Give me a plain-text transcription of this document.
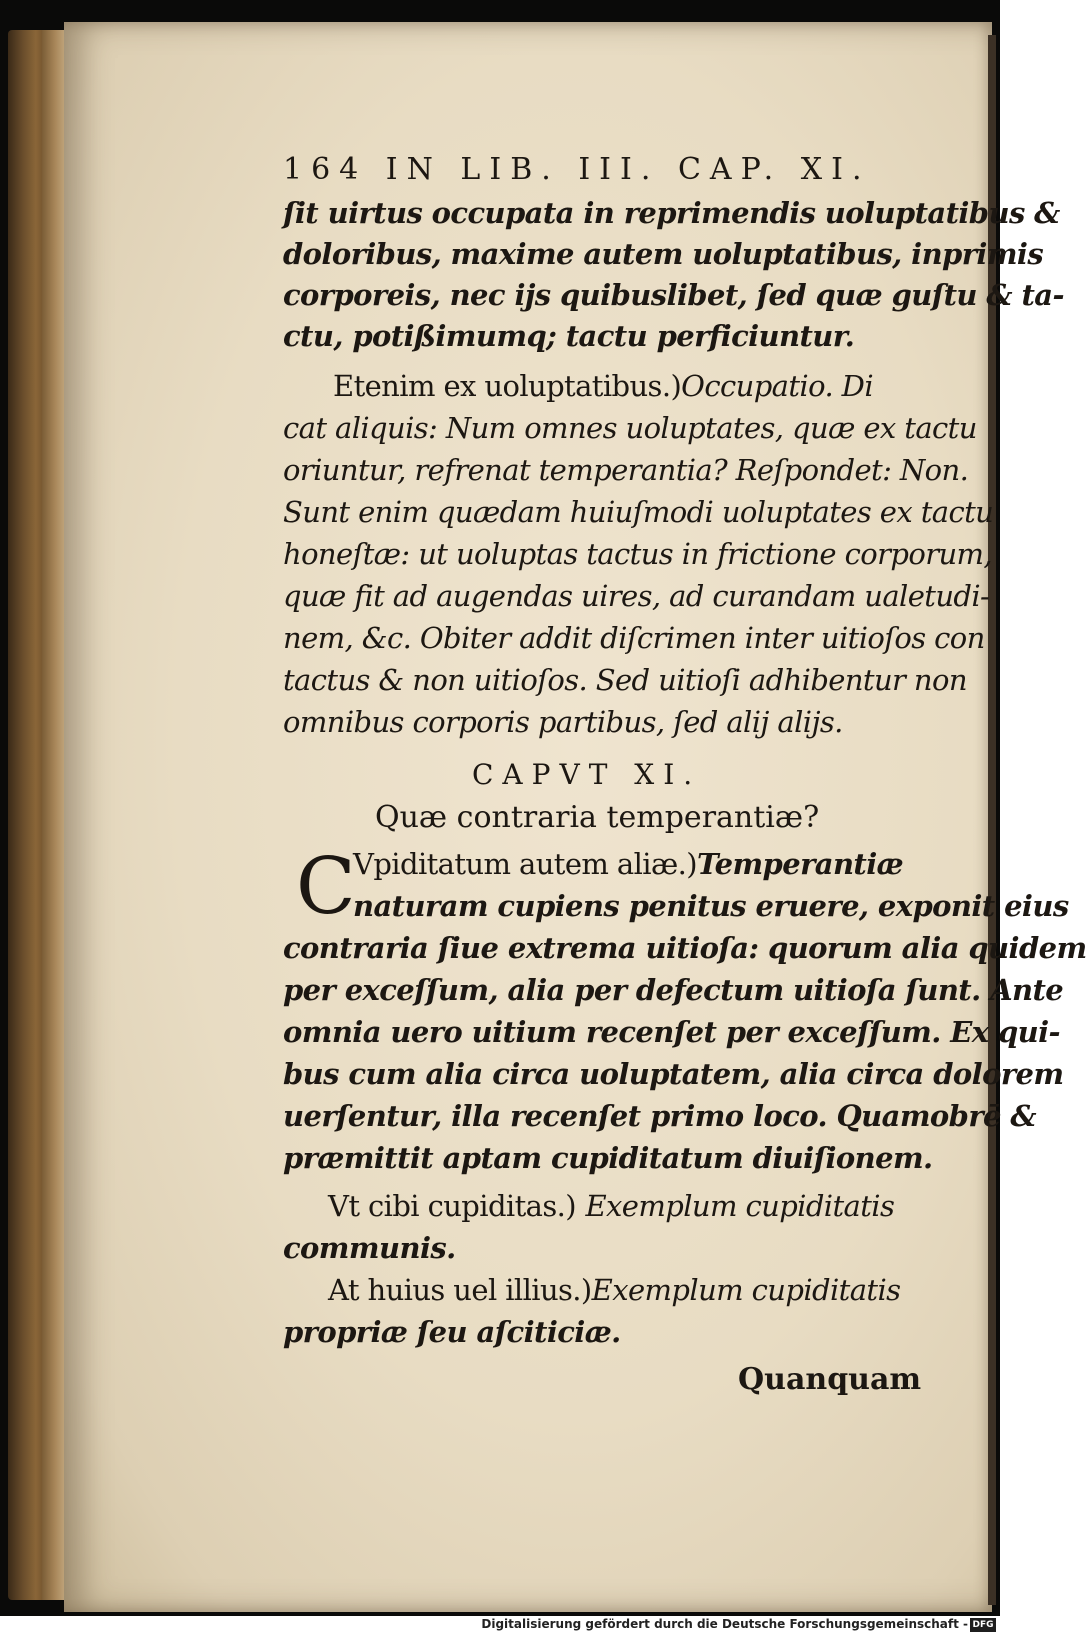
164 IN LIB. III. CAP. XI.
ſit uirtus occupata in reprimendis uoluptatibus &
doloribus, maxime autem uoluptatibus, inprimis
corporeis, nec ijs quibuslibet, ſed quæ guſtu & ta-
ctu, potißimumq; tactu perficiuntur.
Etenim ex uoluptatibus.)Occupatio. Di
cat aliquis: Num omnes uoluptates, quæ ex tactu
oriuntur, refrenat temperantia? Reſpondet: Non.
Sunt enim quædam huiuſmodi uoluptates ex tactu
honeſtæ: ut uoluptas tactus in frictione corporum,
quæ fit ad augendas uires, ad curandam ualetudi-
nem, &c. Obiter addit diſcrimen inter uitioſos con
tactus & non uitioſos. Sed uitioſi adhibentur non
omnibus corporis partibus, ſed alij alijs.
CAPVT XI.
Quæ contraria temperantiæ?
C
Vpiditatum autem aliæ.)Temperantiæ
naturam cupiens penitus eruere, exponit eius
contraria ſiue extrema uitioſa: quorum alia quidem
per exceſſum, alia per defectum uitioſa ſunt. Ante
omnia uero uitium recenſet per exceſſum. Ex qui-
bus cum alia circa uoluptatem, alia circa dolorem
uerſentur, illa recenſet primo loco. Quamobrē &
præmittit aptam cupiditatum diuiſionem.
Vt cibi cupiditas.) Exemplum cupiditatis
communis.
At huius uel illius.)Exemplum cupiditatis
propriæ ſeu aſciticiæ.
Quanquam
Digitalisierung gefördert durch die Deutsche Forschungsgemeinschaft - DFG
